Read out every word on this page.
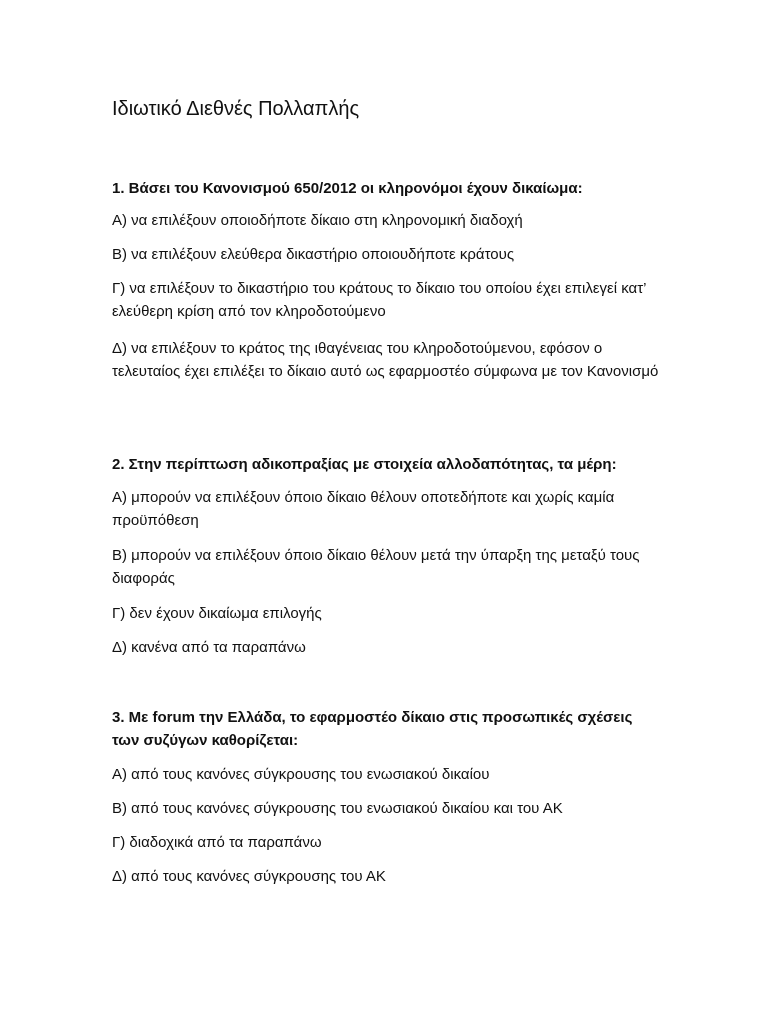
Ιδιωτικό Διεθνές Πολλαπλής

1. Βάσει του Κανονισμού 650/2012 οι κληρονόμοι έχουν δικαίωμα:

Α) να επιλέξουν οποιοδήποτε δίκαιο στη κληρονομική διαδοχή

Β) να επιλέξουν ελεύθερα δικαστήριο οποιουδήποτε κράτους

Γ) να επιλέξουν το δικαστήριο του κράτους το δίκαιο του οποίου έχει επιλεγεί κατ’ ελεύθερη κρίση από τον κληροδοτούμενο

Δ) να επιλέξουν το κράτος της ιθαγένειας του κληροδοτούμενου, εφόσον ο τελευταίος έχει επιλέξει το δίκαιο αυτό ως εφαρμοστέο σύμφωνα με τον Κανονισμό

2. Στην περίπτωση αδικοπραξίας με στοιχεία αλλοδαπότητας, τα μέρη:

Α) μπορούν να επιλέξουν όποιο δίκαιο θέλουν οποτεδήποτε και χωρίς καμία προϋπόθεση

Β) μπορούν να επιλέξουν όποιο δίκαιο θέλουν μετά την ύπαρξη της μεταξύ τους διαφοράς

Γ) δεν έχουν δικαίωμα επιλογής

Δ) κανένα από τα παραπάνω

3. Με forum την Ελλάδα, το εφαρμοστέο δίκαιο στις προσωπικές σχέσεις των συζύγων καθορίζεται:

Α) από τους κανόνες σύγκρουσης του ενωσιακού δικαίου

Β) από τους κανόνες σύγκρουσης του ενωσιακού δικαίου και του ΑΚ

Γ) διαδοχικά από τα παραπάνω

Δ) από τους κανόνες σύγκρουσης του ΑΚ
